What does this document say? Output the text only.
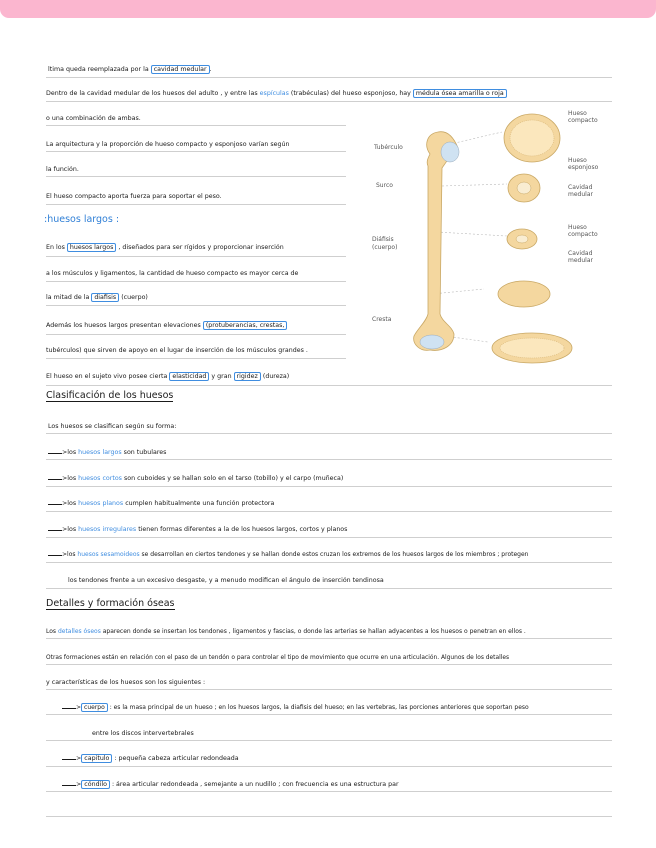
ltima queda reemplazada por la cavidad medular .
Dentro de la cavidad medular de los huesos del adulto , y entre las espículas (trabéculas) del hueso esponjoso, hay médula ósea amarilla o roja
o una combinación de ambas.
La arquitectura y la proporción de hueso compacto y esponjoso varían según
la función.
El hueso compacto aporta fuerza para soportar el peso.
:huesos largos :
En los huesos largos , diseñados para ser rígidos y proporcionar inserción
a los músculos y ligamentos, la cantidad de hueso compacto es mayor cerca de
la mitad de la diafisis (cuerpo)
Además los huesos largos presentan elevaciones (protuberancias, crestas,
tubérculos) que sirven de apoyo en el lugar de inserción de los músculos grandes .
El hueso en el sujeto vivo posee cierta elasticidad y gran rigidez (dureza)
Clasificación de los huesos
Los huesos se clasifican según su forma:
>los huesos largos son tubulares
>los huesos cortos son cuboides y se hallan solo en el tarso (tobillo) y el carpo (muñeca)
>los huesos planos cumplen habitualmente una función protectora
>los huesos irregulares tienen formas diferentes a la de los huesos largos, cortos y planos
>los huesos sesamoideos se desarrollan en ciertos tendones y se hallan donde estos cruzan los extremos de los huesos largos de los miembros ; protegen
los tendones frente a un excesivo desgaste, y a menudo modifican el ángulo de inserción tendinosa
Detalles y formación óseas
Los detalles óseos aparecen donde se insertan los tendones , ligamentos y fascias, o donde las arterias se hallan adyacentes a los huesos o penetran en ellos .
Otras formaciones están en relación con el paso de un tendón o para controlar el tipo de movimiento que ocurre en una articulación. Algunos de los detalles
y características de los huesos son los siguientes :
> cuerpo : es la masa principal de un hueso ; en los huesos largos, la diafisis del hueso; en las vertebras, las porciones anteriores que soportan peso
entre los discos intervertebrales
> capitulo : pequeña cabeza articular redondeada
> cóndilo : área articular redondeada , semejante a un nudillo ; con frecuencia es una estructura par
Tubérculo
Surco
Diáfisis
(cuerpo)
Cresta
Hueso
compacto
Hueso
esponjoso
Cavidad
medular
Hueso
compacto
Cavidad
medular
